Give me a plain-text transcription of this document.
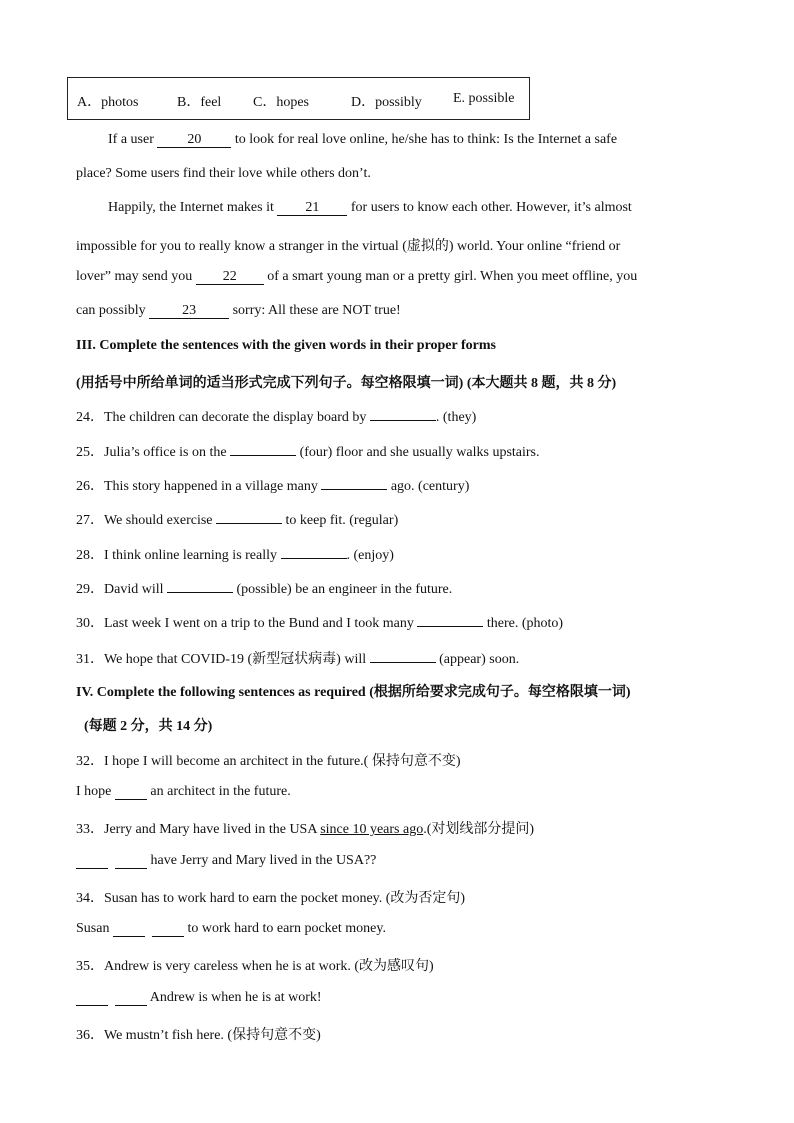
A．photos	B．feel C．hopes	D．possibly E. possible
If a user 20 to look for real love online, he/she has to think: Is the Internet a safe
place? Some users find their love while others don’t.
Happily, the Internet makes it 21 for users to know each other. However, it’s almost
impossible for you to really know a stranger in the virtual (虚拟的) world. Your online “friend or
lover” may send you 22 of a smart young man or a pretty girl. When you meet offline, you
can possibly 23 sorry: All these are NOT true!
III. Complete the sentences with the given words in their proper forms
(用括号中所给单词的适当形式完成下列句子。每空格限填一词) (本大题共 8 题，共 8 分)
24．The children can decorate the display board by	. (they)
25．Julia’s office is on the	(four) floor and she usually walks upstairs.
26．This story happened in a village many	ago. (century)
27．We should exercise	to keep fit. (regular)
28．I think online learning is really	. (enjoy)
29．David will	(possible) be an engineer in the future.
30．Last week I went on a trip to the Bund and I took many	there. (photo)
31．We hope that COVID-19 (新型冠状病毒) will	(appear) soon.
IV. Complete the following sentences as required (根据所给要求完成句子。每空格限填一词)
(每题 2 分，共 14 分)
32．I hope I will become an architect in the future.( 保持句意不变)
I hope   an architect in the future.
33．Jerry and Mary have lived in the USA since 10 years ago.(对划线部分提问)
have Jerry and Mary lived in the USA??
34．Susan has to work hard to earn the pocket money. (改为否定句)
Susan	to work hard to earn pocket money.
35．Andrew is very careless when he is at work. (改为感叹句)
Andrew is when he is at work!
36．We mustn’t fish here. (保持句意不变)
